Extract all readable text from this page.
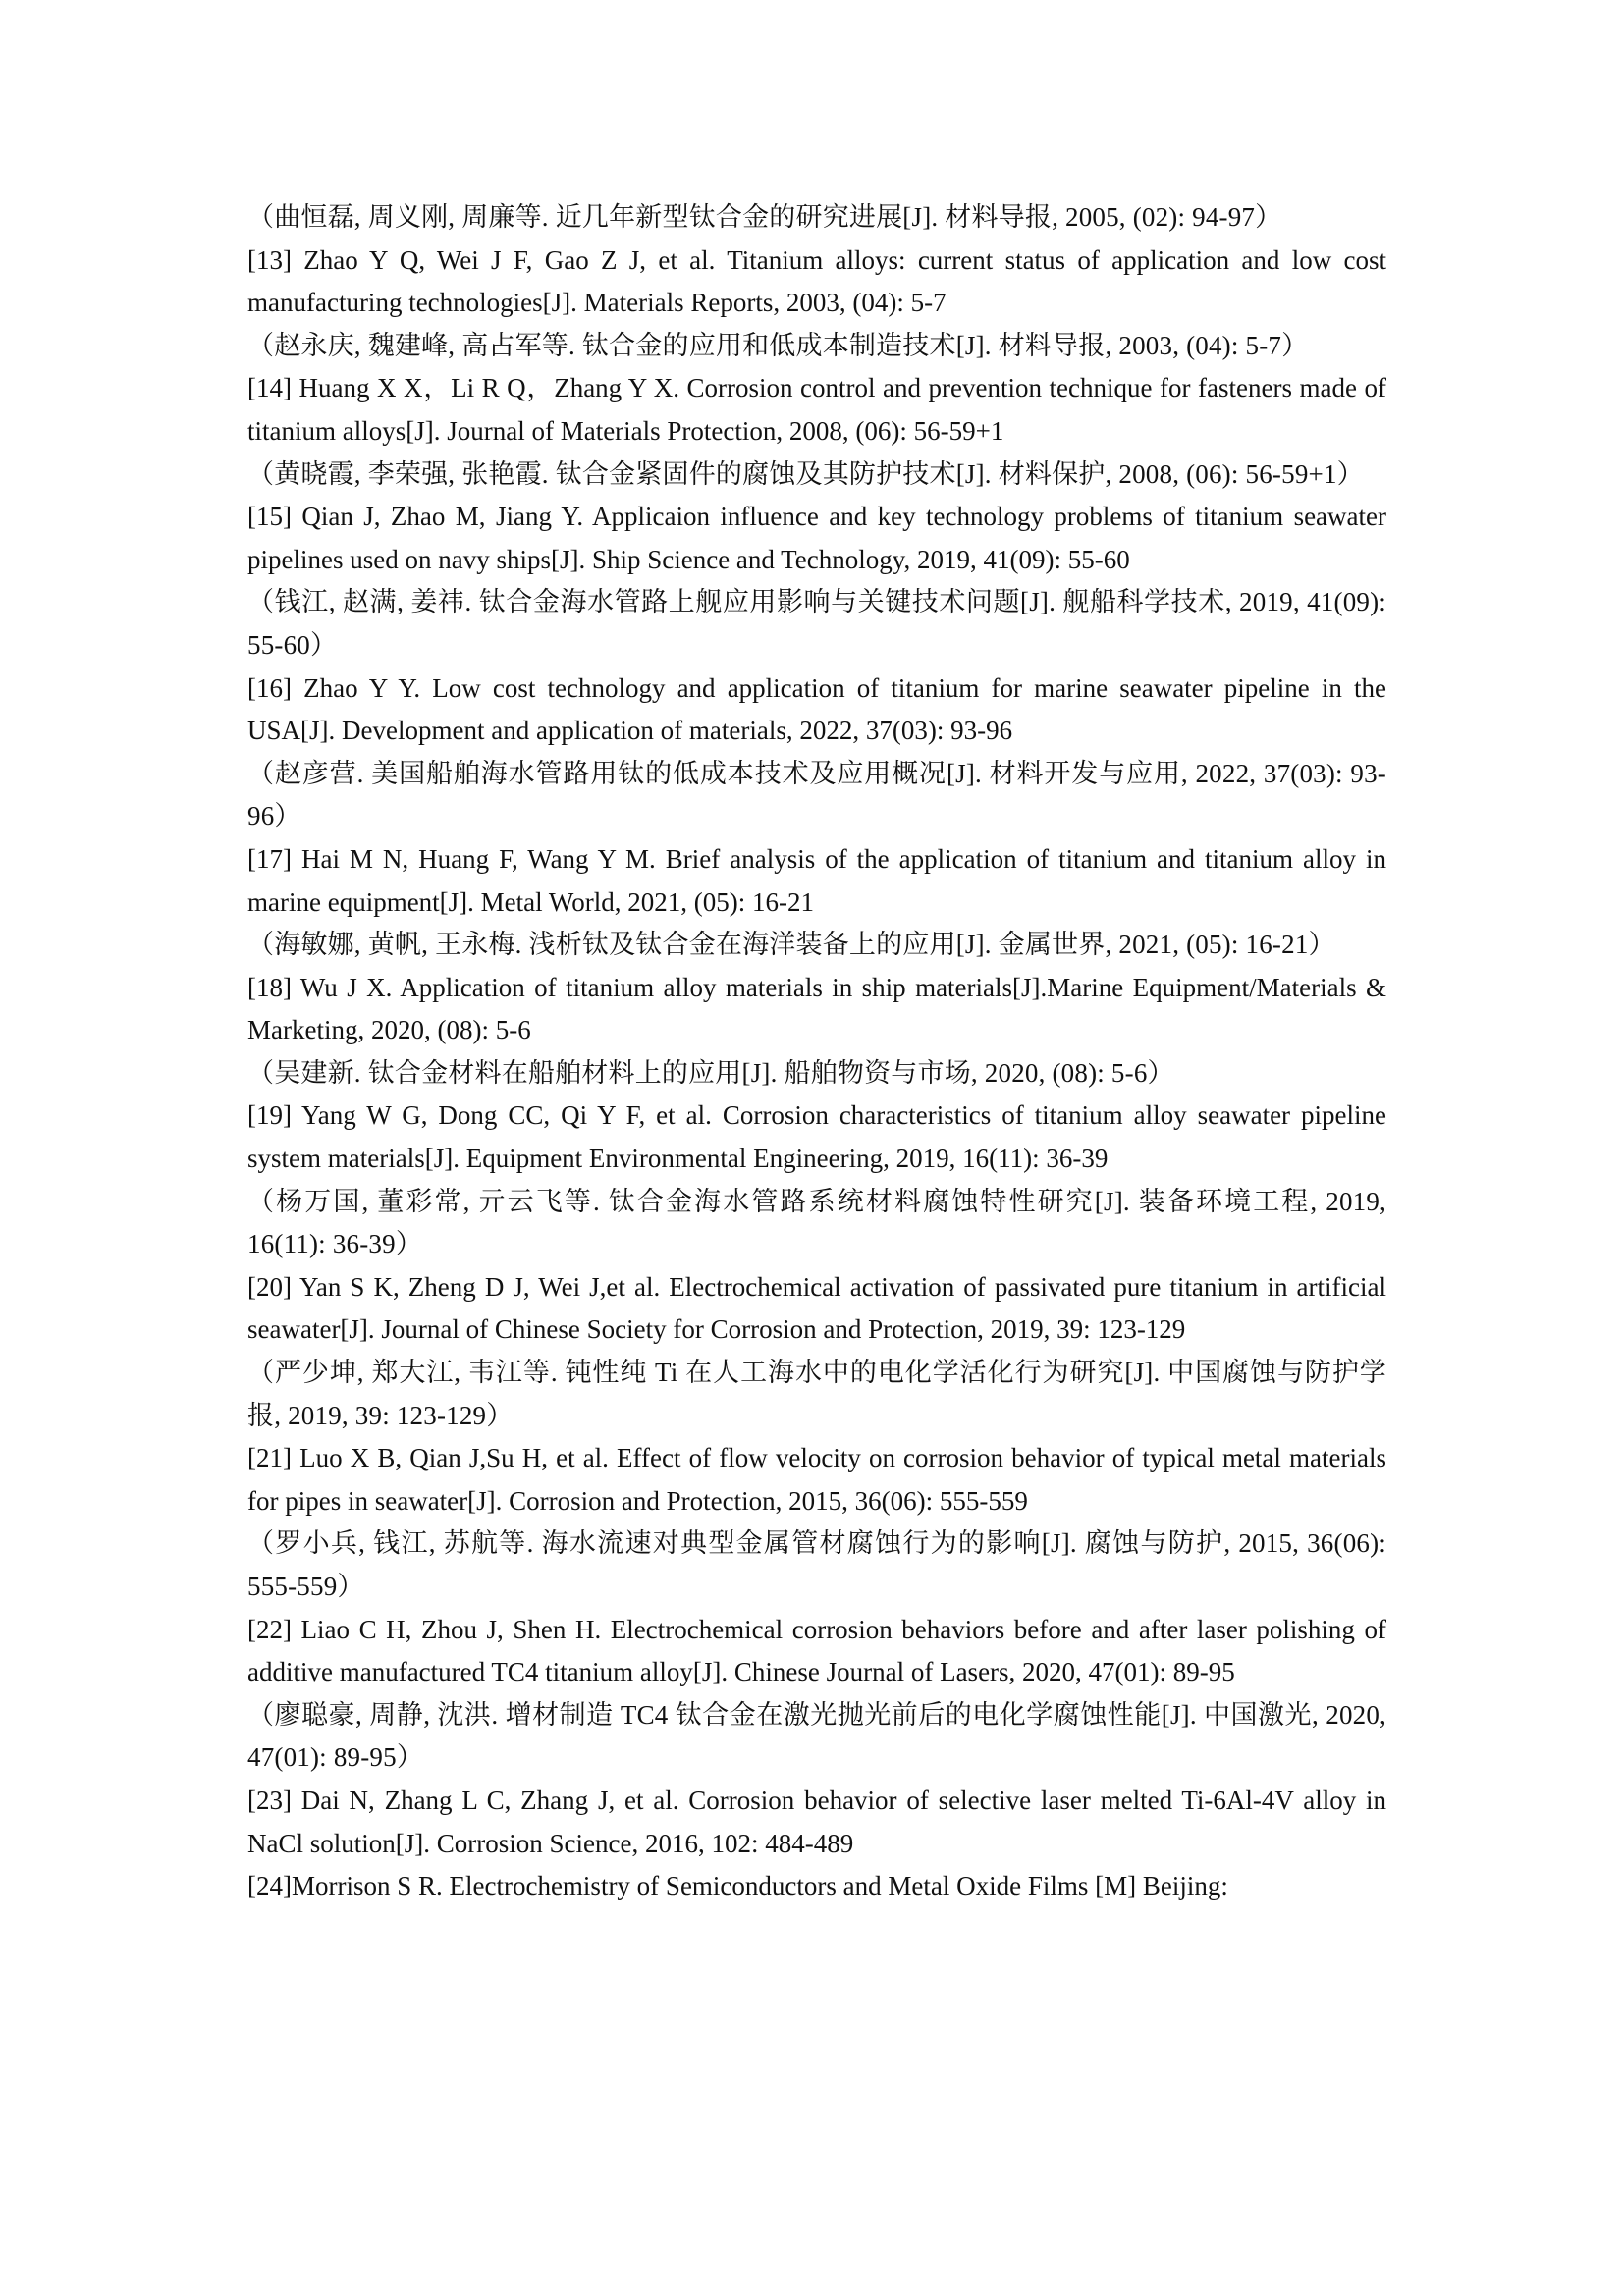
（曲恒磊, 周义刚, 周廉等. 近几年新型钛合金的研究进展[J]. 材料导报, 2005, (02): 94-97）

[13] Zhao Y Q, Wei J F, Gao Z J, et al. Titanium alloys: current status of application and low cost manufacturing technologies[J]. Materials Reports, 2003, (04): 5-7

（赵永庆, 魏建峰, 高占军等. 钛合金的应用和低成本制造技术[J]. 材料导报, 2003, (04): 5-7）

[14] Huang X X，Li R Q，Zhang Y X. Corrosion control and prevention technique for fasteners made of titanium alloys[J]. Journal of Materials Protection, 2008, (06): 56-59+1

（黄晓霞, 李荣强, 张艳霞. 钛合金紧固件的腐蚀及其防护技术[J]. 材料保护, 2008, (06): 56-59+1）

[15] Qian J, Zhao M, Jiang Y. Applicaion influence and key technology problems of titanium seawater pipelines used on navy ships[J]. Ship Science and Technology, 2019, 41(09): 55-60

（钱江, 赵满, 姜祎. 钛合金海水管路上舰应用影响与关键技术问题[J]. 舰船科学技术, 2019, 41(09): 55-60）

[16] Zhao Y Y. Low cost technology and application of titanium for marine seawater pipeline in the USA[J]. Development and application of materials, 2022, 37(03): 93-96

（赵彦营. 美国船舶海水管路用钛的低成本技术及应用概况[J]. 材料开发与应用, 2022, 37(03): 93-96）

[17] Hai M N, Huang F, Wang Y M. Brief analysis of the application of titanium and titanium alloy in marine equipment[J]. Metal World, 2021, (05): 16-21

（海敏娜, 黄帆, 王永梅. 浅析钛及钛合金在海洋装备上的应用[J]. 金属世界, 2021, (05): 16-21）

[18] Wu J X. Application of titanium alloy materials in ship materials[J].Marine Equipment/Materials & Marketing, 2020, (08): 5-6

（吴建新. 钛合金材料在船舶材料上的应用[J]. 船舶物资与市场, 2020, (08): 5-6）

[19] Yang W G, Dong CC, Qi Y F, et al. Corrosion characteristics of titanium alloy seawater pipeline system materials[J]. Equipment Environmental Engineering, 2019, 16(11): 36-39

（杨万国, 董彩常, 亓云飞等. 钛合金海水管路系统材料腐蚀特性研究[J]. 装备环境工程, 2019, 16(11): 36-39）

[20] Yan S K, Zheng D J, Wei J,et al. Electrochemical activation of passivated pure titanium in artificial seawater[J]. Journal of Chinese Society for Corrosion and Protection, 2019, 39: 123-129

（严少坤, 郑大江, 韦江等. 钝性纯 Ti 在人工海水中的电化学活化行为研究[J]. 中国腐蚀与防护学报, 2019, 39: 123-129）

[21] Luo X B, Qian J,Su H, et al. Effect of flow velocity on corrosion behavior of typical metal materials for pipes in seawater[J]. Corrosion and Protection, 2015, 36(06): 555-559

（罗小兵, 钱江, 苏航等. 海水流速对典型金属管材腐蚀行为的影响[J]. 腐蚀与防护, 2015, 36(06): 555-559）

[22] Liao C H, Zhou J, Shen H. Electrochemical corrosion behaviors before and after laser polishing of additive manufactured TC4 titanium alloy[J]. Chinese Journal of Lasers, 2020, 47(01): 89-95

（廖聪豪, 周静, 沈洪. 增材制造 TC4 钛合金在激光抛光前后的电化学腐蚀性能[J]. 中国激光, 2020, 47(01): 89-95）

[23] Dai N, Zhang L C, Zhang J, et al. Corrosion behavior of selective laser melted Ti-6Al-4V alloy in NaCl solution[J]. Corrosion Science, 2016, 102: 484-489

[24]Morrison S R. Electrochemistry of Semiconductors and Metal Oxide Films [M] Beijing:
